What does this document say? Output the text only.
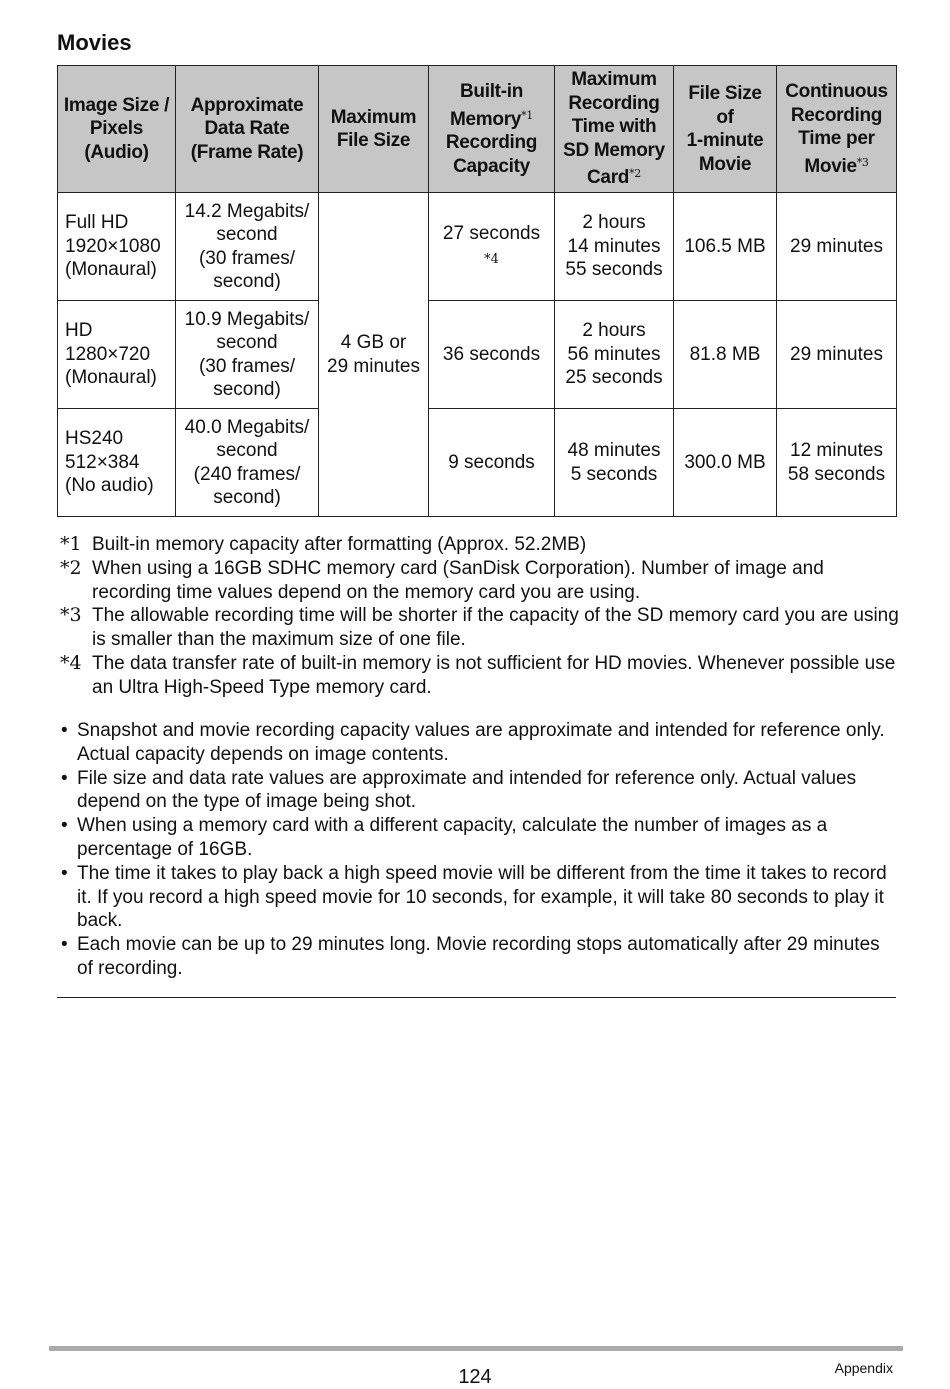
Movies
Image Size /
Pixels
(Audio)	Approximate
Data Rate
(Frame Rate)	Maximum
File Size	Built-in
Memory$^{*1}$
Recording
Capacity	Maximum
Recording
Time with
SD Memory
Card$^{*2}$	File Size
of
1-minute
Movie	Continuous
Recording
Time per
Movie$^{*3}$
Full HD
1920×1080
(Monaural)	14.2 Megabits/
second
(30 frames/
second)	4 GB or
29 minutes	27 seconds
*4	2 hours
14 minutes
55 seconds	106.5 MB	29 minutes
HD
1280×720
(Monaural)	10.9 Megabits/
second
(30 frames/
second)		36 seconds	2 hours
56 minutes
25 seconds	81.8 MB	29 minutes
HS240
512×384
(No audio)	40.0 Megabits/
second
(240 frames/
second)		9 seconds	48 minutes
5 seconds	300.0 MB	12 minutes
58 seconds
*1 Built-in memory capacity after formatting (Approx. 52.2MB)
*2 When using a 16GB SDHC memory card (SanDisk Corporation). Number of image and recording time values depend on the memory card you are using.
*3 The allowable recording time will be shorter if the capacity of the SD memory card you are using is smaller than the maximum size of one file.
*4 The data transfer rate of built-in memory is not sufficient for HD movies. Whenever possible use an Ultra High-Speed Type memory card.
• Snapshot and movie recording capacity values are approximate and intended for reference only. Actual capacity depends on image contents.
• File size and data rate values are approximate and intended for reference only. Actual values depend on the type of image being shot.
• When using a memory card with a different capacity, calculate the number of images as a percentage of 16GB.
• The time it takes to play back a high speed movie will be different from the time it takes to record it. If you record a high speed movie for 10 seconds, for example, it will take 80 seconds to play it back.
• Each movie can be up to 29 minutes long. Movie recording stops automatically after 29 minutes of recording.
124	Appendix
